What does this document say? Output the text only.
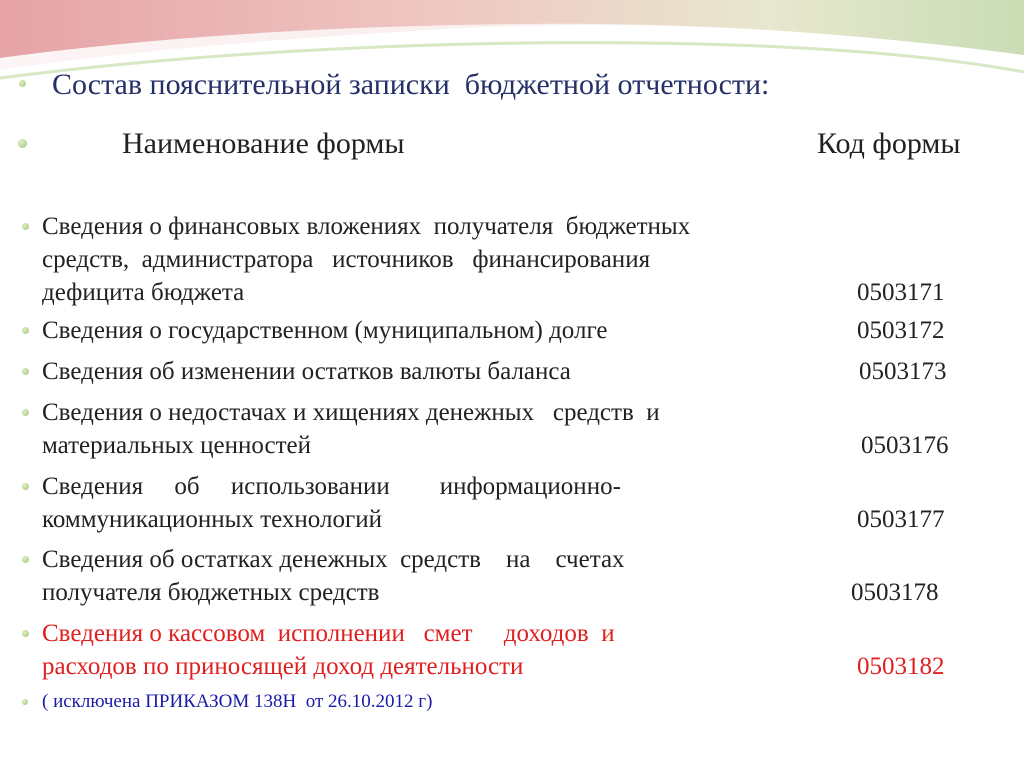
Состав пояснительной записки  бюджетной отчетности:
Наименование формы	Код формы
Сведения о финансовых вложениях  получателя  бюджетных
средств,  администратора   источников   финансирования
дефицита бюджета	0503171
Сведения о государственном (муниципальном) долге	0503172
Сведения об изменении остатков валюты баланса	0503173
Сведения о недостачах и хищениях денежных   средств  и
материальных ценностей	0503176
Сведения     об     использовании        информационно-
коммуникационных технологий	0503177
Сведения об остатках денежных  средств    на    счетах
получателя бюджетных средств	0503178
Сведения о кассовом  исполнении   смет     доходов  и
расходов по приносящей доход деятельности	0503182
( исключена ПРИКАЗОМ 138Н  от 26.10.2012 г)
